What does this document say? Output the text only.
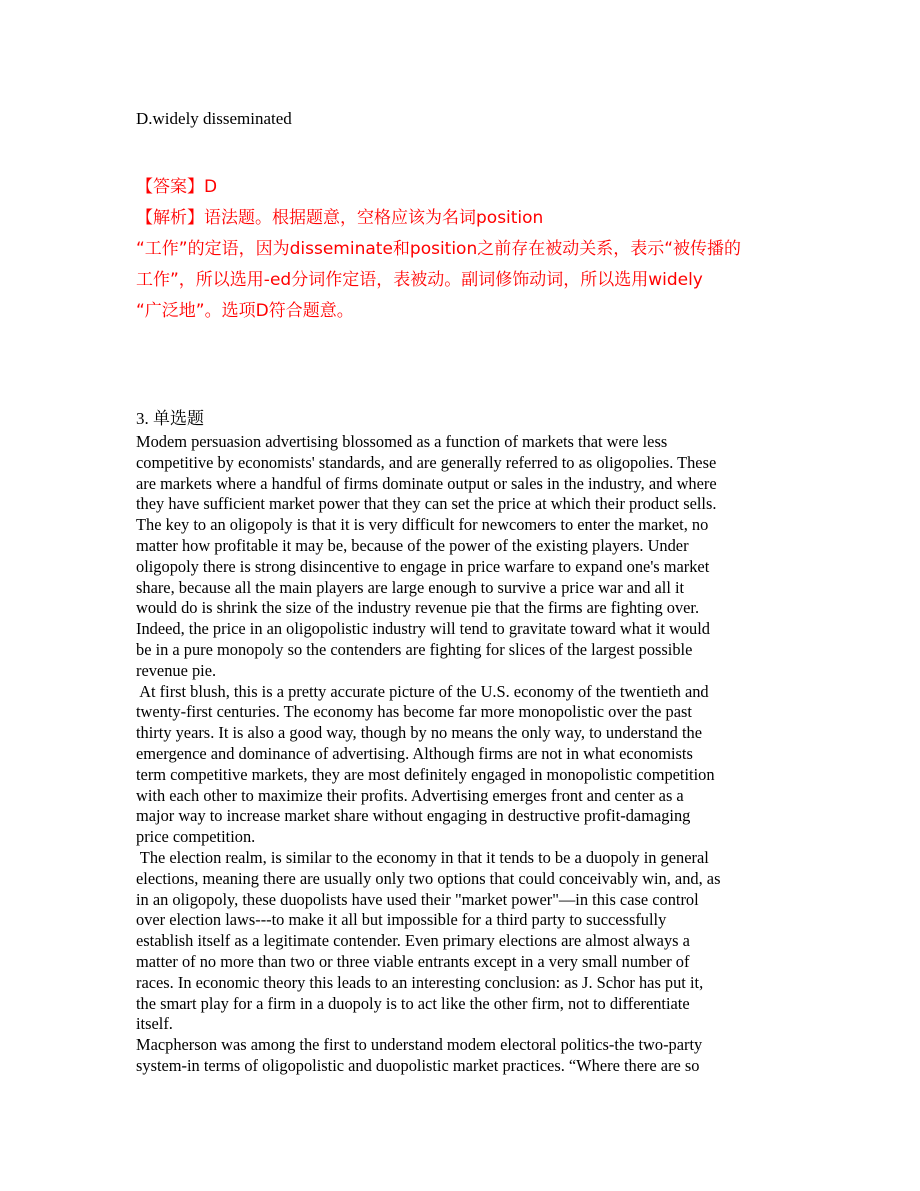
D.widely disseminated
【答案】D
【解析】语法题。根据题意，空格应该为名词position
“工作”的定语，因为disseminate和position之前存在被动关系，表示“被传播的
工作”，所以选用-ed分词作定语，表被动。副词修饰动词，所以选用widely
“广泛地”。选项D符合题意。
3. 单选题
Modem persuasion advertising blossomed as a function of markets that were less
competitive by economists' standards, and are generally referred to as oligopolies. These
are markets where a handful of firms dominate output or sales in the industry, and where
they have sufficient market power that they can set the price at which their product sells.
The key to an oligopoly is that it is very difficult for newcomers to enter the market, no
matter how profitable it may be, because of the power of the existing players. Under
oligopoly there is strong disincentive to engage in price warfare to expand one's market
share, because all the main players are large enough to survive a price war and all it
would do is shrink the size of the industry revenue pie that the firms are fighting over.
Indeed, the price in an oligopolistic industry will tend to gravitate toward what it would
be in a pure monopoly so the contenders are fighting for slices of the largest possible
revenue pie.
At first blush, this is a pretty accurate picture of the U.S. economy of the twentieth and
twenty-first centuries. The economy has become far more monopolistic over the past
thirty years. It is also a good way, though by no means the only way, to understand the
emergence and dominance of advertising. Although firms are not in what economists
term competitive markets, they are most definitely engaged in monopolistic competition
with each other to maximize their profits. Advertising emerges front and center as a
major way to increase market share without engaging in destructive profit-damaging
price competition.
The election realm, is similar to the economy in that it tends to be a duopoly in general
elections, meaning there are usually only two options that could conceivably win, and, as
in an oligopoly, these duopolists have used their "market power"—in this case control
over election laws---to make it all but impossible for a third party to successfully
establish itself as a legitimate contender. Even primary elections are almost always a
matter of no more than two or three viable entrants except in a very small number of
races. In economic theory this leads to an interesting conclusion: as J. Schor has put it,
the smart play for a firm in a duopoly is to act like the other firm, not to differentiate
itself.
Macpherson was among the first to understand modem electoral politics-the two-party
system-in terms of oligopolistic and duopolistic market practices. “Where there are so
